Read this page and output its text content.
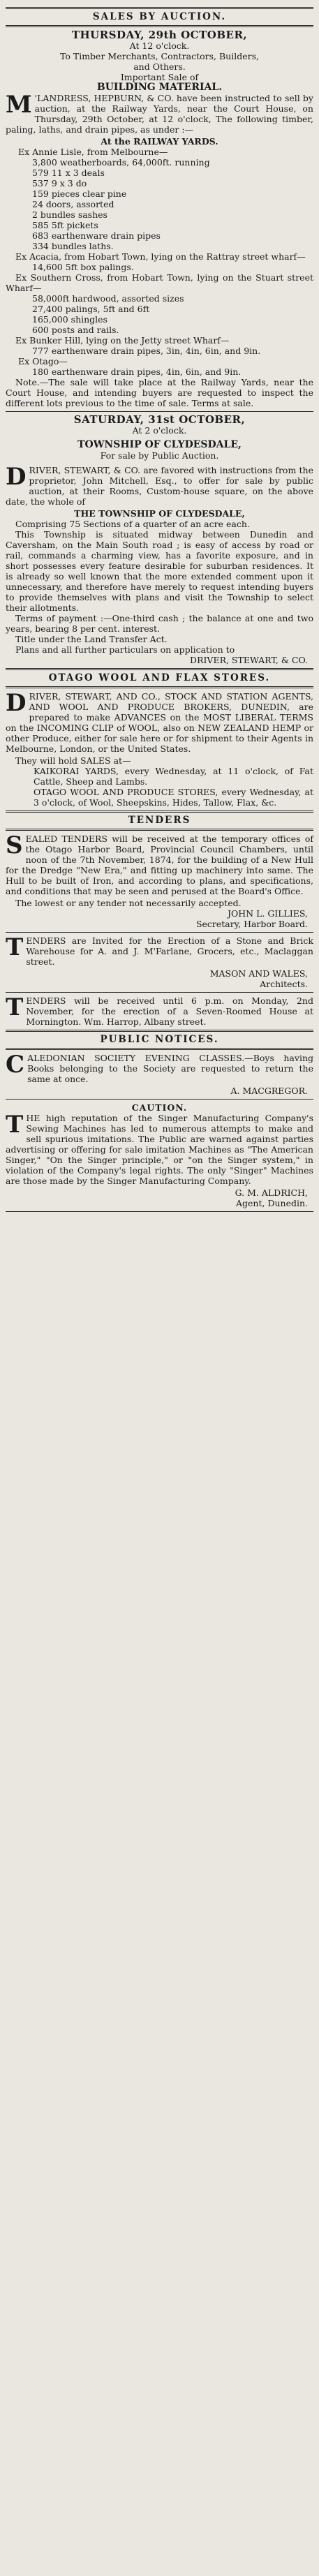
SALES BY AUCTION.
THURSDAY, 29th OCTOBER,
At 12 o'clock.
To Timber Merchants, Contractors, Builders,
and Others.
Important Sale of
BUILDING MATERIAL.
M 'LANDRESS, HEPBURN, & CO. have been instructed to sell by auction, at the Railway Yards, near the Court House, on Thursday, 29th October, at 12 o'clock, The following timber, paling, laths, and drain pipes, as under :—

At the RAILWAY YARDS.
Ex Annie Lisle, from Melbourne—
3,800 weatherboards, 64,000ft. running
579 11 x 3 deals
537 9 x 3 do
159 pieces clear pine
24 doors, assorted
2 bundles sashes
585 5ft pickets
683 earthenware drain pipes
334 bundles laths.
Ex Acacia, from Hobart Town, lying on the Rattray street wharf—
14,600 5ft box palings.
Ex Southern Cross, from Hobart Town, lying on the Stuart street Wharf—
58,000ft hardwood, assorted sizes
27,400 palings, 5ft and 6ft
165,000 shingles
600 posts and rails.
Ex Bunker Hill, lying on the Jetty street Wharf—
777 earthenware drain pipes, 3in, 4in, 6in, and 9in.
Ex Otago—
180 earthenware drain pipes, 4in, 6in, and 9in.

Note.—The sale will take place at the Railway Yards, near the Court House, and intending buyers are requested to inspect the different lots previous to the time of sale. Terms at sale.

SATURDAY, 31st OCTOBER,
At 2 o'clock.
TOWNSHIP OF CLYDESDALE,
For sale by Public Auction.
D RIVER, STEWART, & CO. are favored with instructions from the proprietor, John Mitchell, Esq., to offer for sale by public auction, at their Rooms, Custom-house square, on the above date, the whole of

THE TOWNSHIP OF CLYDESDALE,

Comprising 75 Sections of a quarter of an acre each.

This Township is situated midway between Dunedin and Caversham, on the Main South road ; is easy of access by road or rail, commands a charming view, has a favorite exposure, and in short possesses every feature desirable for suburban residences. It is already so well known that the more extended comment upon it unnecessary, and therefore have merely to request intending buyers to provide themselves with plans and visit the Township to select their allotments.

Terms of payment :—One-third cash ; the balance at one and two years, bearing 8 per cent. interest.

Title under the Land Transfer Act.

Plans and all further particulars on application to

DRIVER, STEWART, & CO.
OTAGO WOOL AND FLAX STORES.
D RIVER, STEWART, AND CO., STOCK AND STATION AGENTS, AND WOOL AND PRODUCE BROKERS, DUNEDIN, are prepared to make ADVANCES on the MOST LIBERAL TERMS on the INCOMING CLIP of WOOL, also on NEW ZEALAND HEMP or other Produce, either for sale here or for shipment to their Agents in Melbourne, London, or the United States.

They will hold SALES at—

KAIKORAI YARDS, every Wednesday, at 11 o'clock, of Fat Cattle, Sheep and Lambs.

OTAGO WOOL AND PRODUCE STORES, every Wednesday, at 3 o'clock, of Wool, Sheepskins, Hides, Tallow, Flax, &c.

TENDERS
S EALED TENDERS will be received at the temporary offices of the Otago Harbor Board, Provincial Council Chambers, until noon of the 7th November, 1874, for the building of a New Hull for the Dredge "New Era," and fitting up machinery into same. The Hull to be built of Iron, and according to plans, and specifications, and conditions that may be seen and perused at the Board's Office.

The lowest or any tender not necessarily accepted.

JOHN L. GILLIES,
Secretary, Harbor Board.
T ENDERS are Invited for the Erection of a Stone and Brick Warehouse for A. and J. M'Farlane, Grocers, etc., Maclaggan street.

MASON AND WALES,
Architects.
T ENDERS will be received until 6 p.m. on Monday, 2nd November, for the erection of a Seven-Roomed House at Mornington. Wm. Harrop, Albany street.

PUBLIC NOTICES.
C ALEDONIAN SOCIETY EVENING CLASSES.—Boys having Books belonging to the Society are requested to return the same at once.

A. MACGREGOR.
CAUTION.
T HE high reputation of the Singer Manufacturing Company's Sewing Machines has led to numerous attempts to make and sell spurious imitations. The Public are warned against parties advertising or offering for sale imitation Machines as "The American Singer," "On the Singer principle," or "on the Singer system," in violation of the Company's legal rights. The only "Singer" Machines are those made by the Singer Manufacturing Company.

G. M. ALDRICH,
Agent, Dunedin.
